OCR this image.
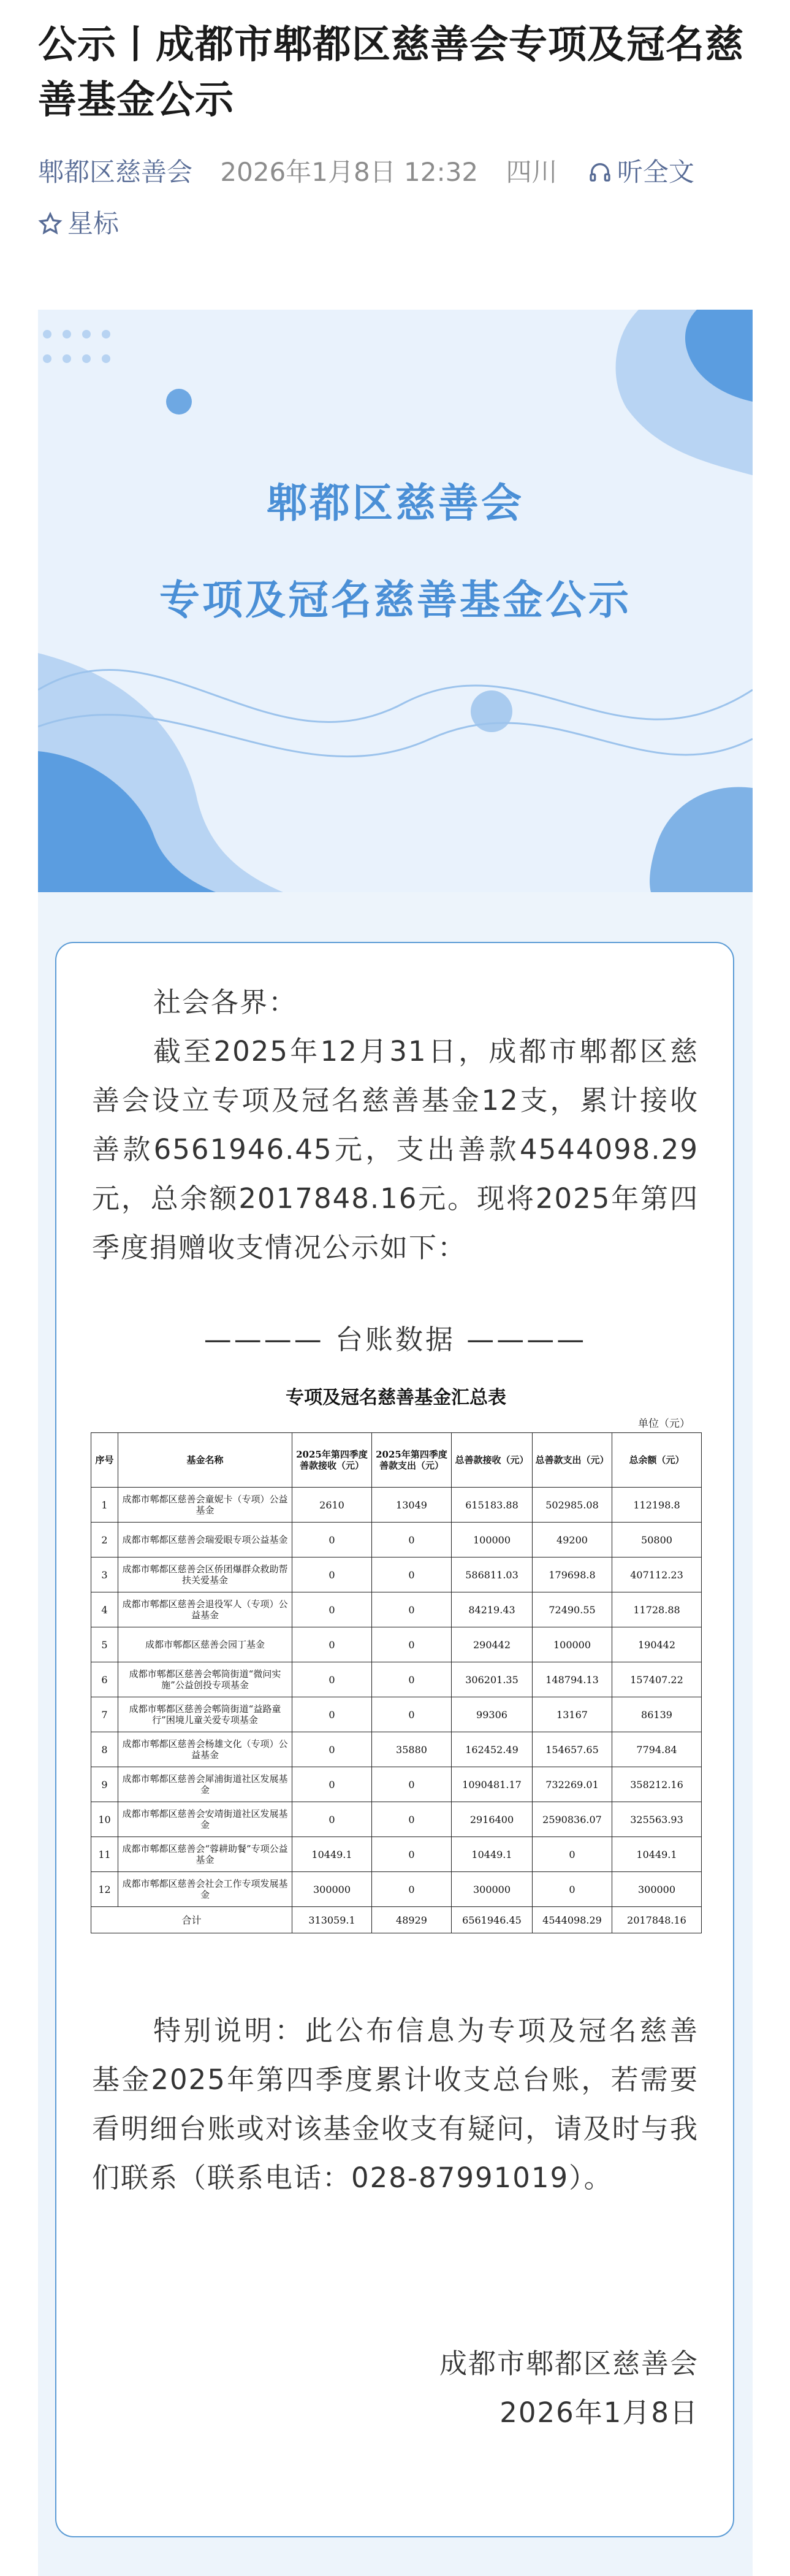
公示丨成都市郫都区慈善会专项及冠名慈善基金公示
郫都区慈善会 2026年1月8日 12:32 四川 听全文
星标
郫都区慈善会
专项及冠名慈善基金公示

社会各界：

截至2025年12月31日，成都市郫都区慈善会设立专项及冠名慈善基金12支，累计接收善款6561946.45元，支出善款4544098.29元，总余额2017848.16元。现将2025年第四季度捐赠收支情况公示如下：

———— 台账数据 ————
专项及冠名慈善基金汇总表
单位（元）
序号	基金名称	2025年第四季度善款接收（元）	2025年第四季度善款支出（元）	总善款接收（元）	总善款支出（元）	总余额（元）
1	成都市郫都区慈善会童妮卡（专项）公益基金	2610	13049	615183.88	502985.08	112198.8
2	成都市郫都区慈善会瑞爱眼专项公益基金	0	0	100000	49200	50800
3	成都市郫都区慈善会区侨团爆群众救助帮扶关爱基金	0	0	586811.03	179698.8	407112.23
4	成都市郫都区慈善会退役军人（专项）公益基金	0	0	84219.43	72490.55	11728.88
5	成都市郫都区慈善会园丁基金	0	0	290442	100000	190442
6	成都市郫都区慈善会郫筒街道“微问实施”公益创投专项基金	0	0	306201.35	148794.13	157407.22
7	成都市郫都区慈善会郫筒街道“益路童行”困境儿童关爱专项基金	0	0	99306	13167	86139
8	成都市郫都区慈善会杨雄文化（专项）公益基金	0	35880	162452.49	154657.65	7794.84
9	成都市郫都区慈善会犀浦街道社区发展基金	0	0	1090481.17	732269.01	358212.16
10	成都市郫都区慈善会安靖街道社区发展基金	0	0	2916400	2590836.07	325563.93
11	成都市郫都区慈善会“蓉耕助餐”专项公益基金	10449.1	0	10449.1	0	10449.1
12	成都市郫都区慈善会社会工作专项发展基金	300000	0	300000	0	300000
合计		313059.1	48929	6561946.45	4544098.29	2017848.16

特别说明：此公布信息为专项及冠名慈善基金2025年第四季度累计收支总台账，若需要看明细台账或对该基金收支有疑问，请及时与我们联系（联系电话：028-87991019）。

成都市郫都区慈善会
2026年1月8日
